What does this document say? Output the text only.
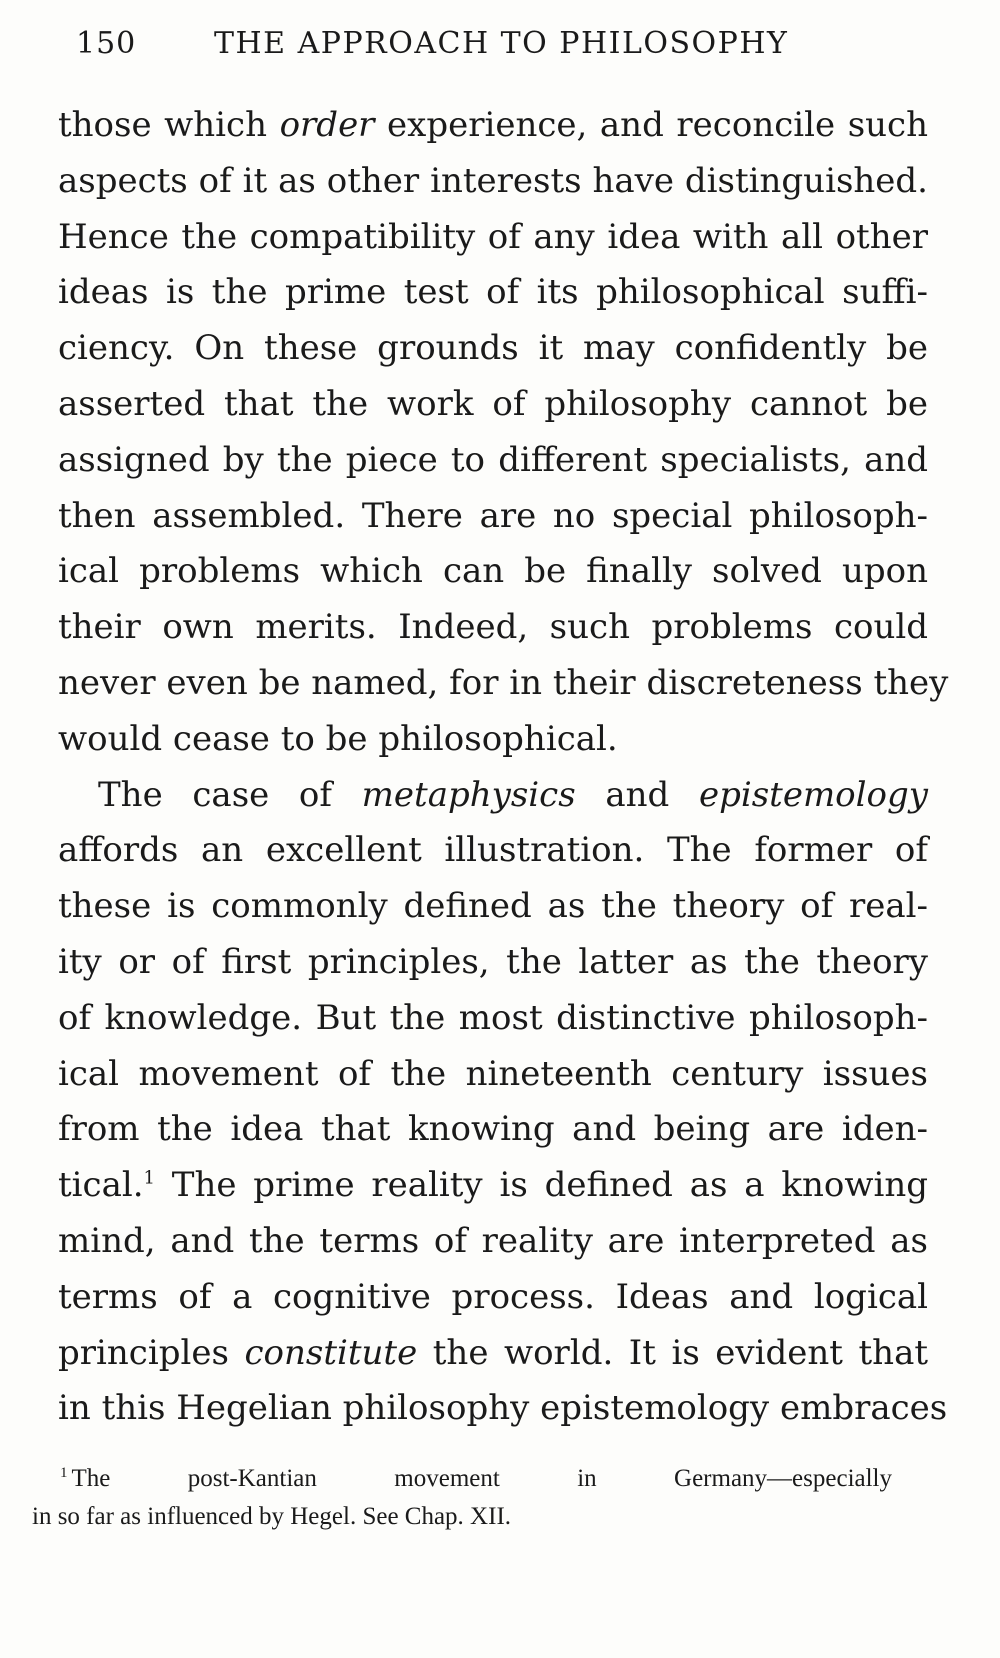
150	THE APPROACH TO PHILOSOPHY
those which order experience, and reconcile such
aspects of it as other interests have distinguished.
Hence the compatibility of any idea with all other
ideas is the prime test of its philosophical suffi-
ciency. On these grounds it may confidently be
asserted that the work of philosophy cannot be
assigned by the piece to different specialists, and
then assembled. There are no special philosoph-
ical problems which can be finally solved upon
their own merits. Indeed, such problems could
never even be named, for in their discreteness they
would cease to be philosophical.
The case of metaphysics and epistemology
affords an excellent illustration. The former of
these is commonly defined as the theory of real-
ity or of first principles, the latter as the theory
of knowledge. But the most distinctive philosoph-
ical movement of the nineteenth century issues
from the idea that knowing and being are iden-
tical.$^1$ The prime reality is defined as a knowing
mind, and the terms of reality are interpreted as
terms of a cognitive process. Ideas and logical
principles constitute the world. It is evident that
in this Hegelian philosophy epistemology embraces
$^1$ The post-Kantian movement in Germany—especially
in so far as influenced by Hegel. See Chap. XII.
